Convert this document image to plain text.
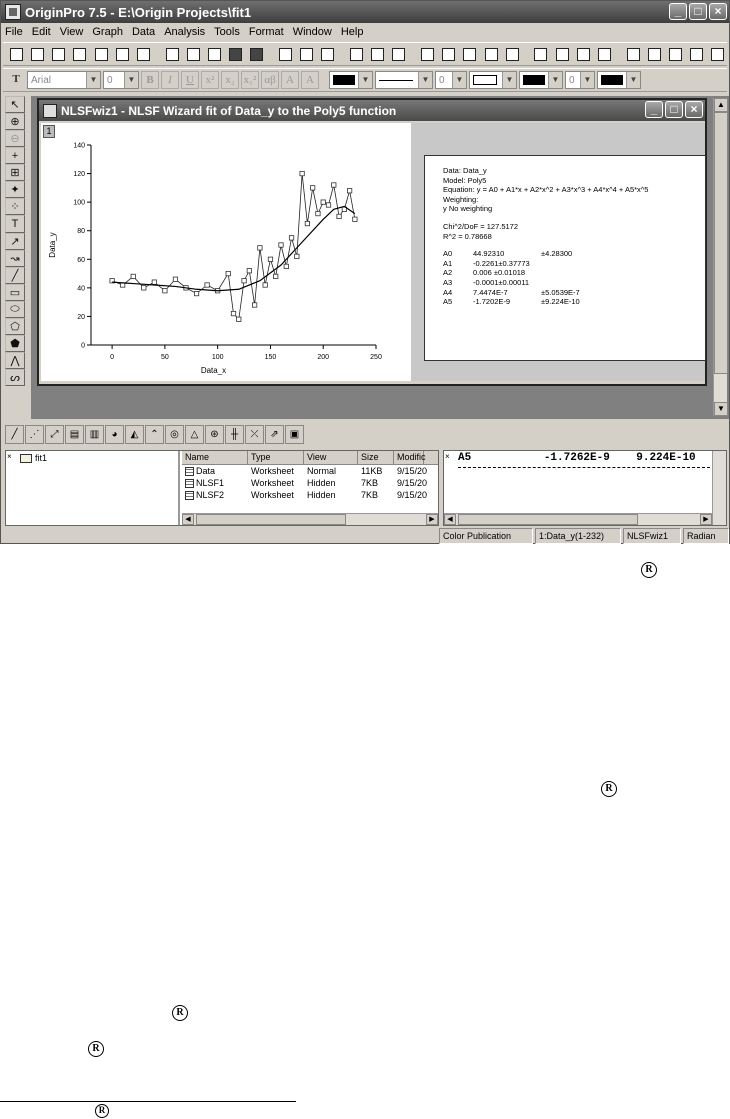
OriginPro 7.5 - E:\Origin Projects\fit1	_	□	×
File Edit View Graph Data Analysis Tools Format Window Help
T	Arial	▼ 0	▼ B	I	U	x² x₂ x₁² αβ A	A	▼	▼ 0	▼	▼	▼ 0	▼	▼
↖
⊕
⊖
+
⊞
✦
⁘
T
↗
↝
╱
▭
⬭
⬠
⬟
⋀
ᔕ
NLSFwiz1 - NLSF Wizard fit of Data_y to the Poly5 function	_	□	×
1
0	50	100	150	200	250
0
20
40
60
80
100
120
140
Data_x
Data_y
Data: Data_y
Model: Poly5
Equation: y = A0 + A1*x + A2*x^2 + A3*x^3 + A4*x^4 + A5*x^5
Weighting:
y No weighting
Chi^2/DoF = 127.5172
R^2 = 0.78668
A0	44.92310	±4.28300
A1	-0.2261±0.37773
A2	0.006 ±0.01018
A3	-0.0001±0.00011
A4	7.4474E-7	±5.0539E-7
A5	-1.7202E-9	±9.224E-10
▲
▼
╱	⋰	⤢	▤	▥	◕	◭	⌃	◎	△	⊛	╫	⤫	⇗	▣
×	fit1	Name	Type	View	Size	Modific
Data	Worksheet	Normal	11KB	9/15/20
NLSF1	Worksheet	Hidden	7KB	9/15/20
NLSF2	Worksheet	Hidden	7KB	9/15/20
◀	▶
× A5	-1.7262E-9 9.224E-10
◀	▶
Color Publication	1:Data_y(1-232)	NLSFwiz1	Radian
R
R
R
R
R
